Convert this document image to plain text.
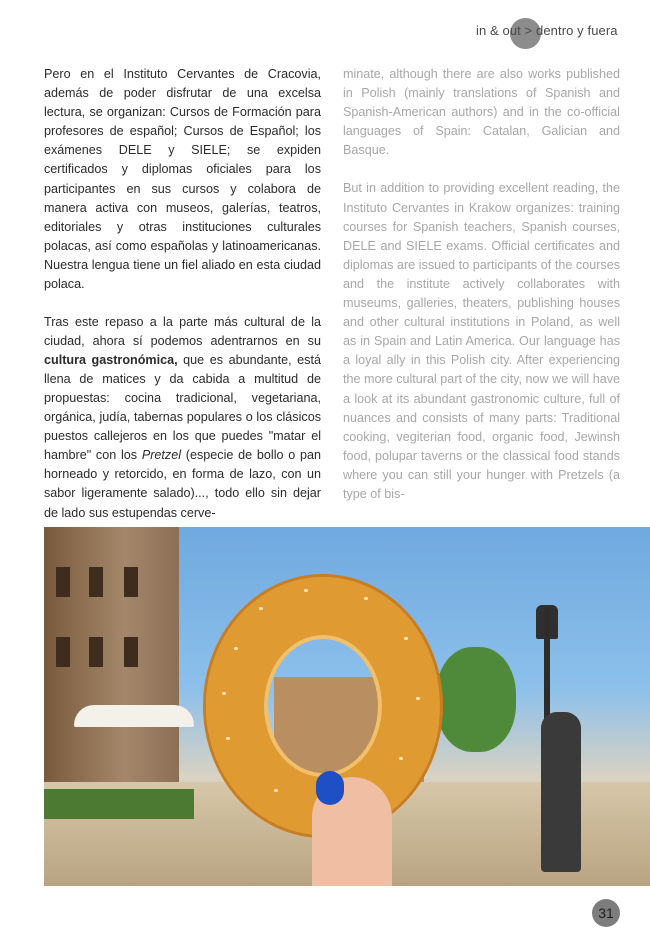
in & out > dentro y fuera

Pero en el Instituto Cervantes de Cracovia, además de poder disfrutar de una excelsa lectura, se organizan: Cursos de Formación para profesores de español; Cursos de Español; los exámenes DELE y SIELE; se expiden certificados y diplomas oficiales para los participantes en sus cursos y colabora de manera activa con museos, galerías, teatros, editoriales y otras instituciones culturales polacas, así como españolas y latinoamericanas. Nuestra lengua tiene un fiel aliado en esta ciudad polaca.

Tras este repaso a la parte más cultural de la ciudad, ahora sí podemos adentrarnos en su cultura gastronómica, que es abundante, está llena de matices y da cabida a multitud de propuestas: cocina tradicional, vegetariana, orgánica, judía, tabernas populares o los clásicos puestos callejeros en los que puedes "matar el hambre" con los Pretzel (especie de bollo o pan horneado y retorcido, en forma de lazo, con un sabor ligeramente salado)..., todo ello sin dejar de lado sus estupendas cerve-

minate, although there are also works published in Polish (mainly translations of Spanish and Spanish-American authors) and in the co-official languages of Spain: Catalan, Galician and Basque.

But in addition to providing excellent reading, the Instituto Cervantes in Krakow organizes: training courses for Spanish teachers, Spanish courses, DELE and SIELE exams. Official certificates and diplomas are issued to participants of the courses and the institute actively collaborates with museums, galleries, theaters, publishing houses and other cultural institutions in Poland, as well as in Spain and Latin America. Our language has a loyal ally in this Polish city. After experiencing the more cultural part of the city, now we will have a look at its abundant gastronomic culture, full of nuances and consists of many parts: Traditional cooking, vegiterian food, organic food, Jewinsh food, polupar taverns or the classical food stands where you can still your hunger with Pretzels (a type of bis-

31
